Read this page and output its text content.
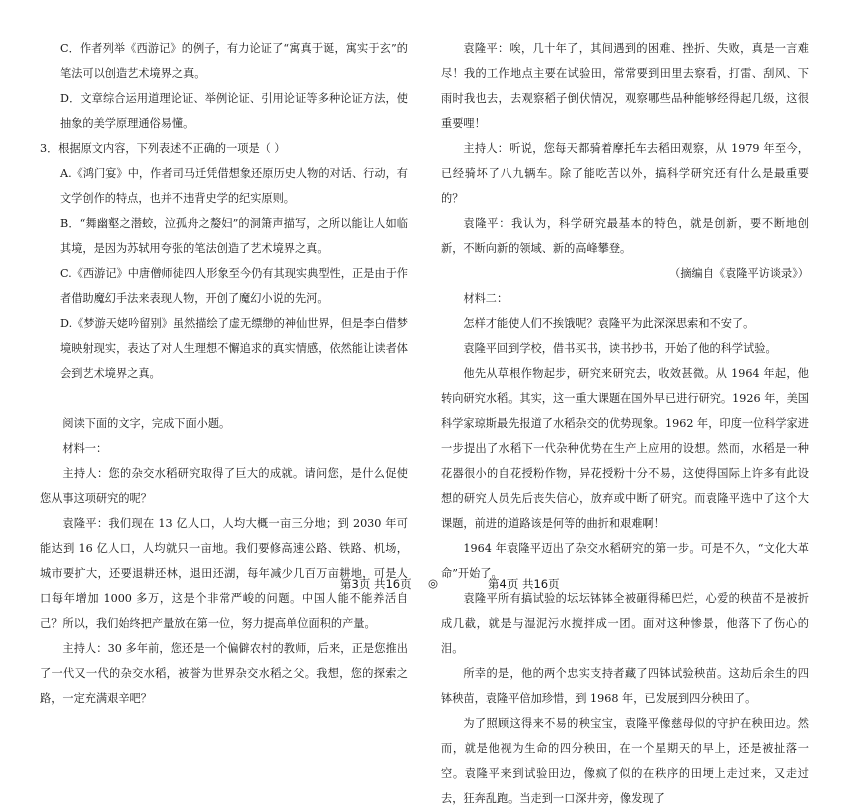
C．作者列举《西游记》的例子，有力论证了“寓真于诞，寓实于玄”的笔法可以创造艺术境界之真。

D．文章综合运用道理论证、举例论证、引用论证等多种论证方法，使抽象的美学原理通俗易懂。

3．根据原文内容，下列表述不正确的一项是（ ）

A.《鸿门宴》中，作者司马迁凭借想象还原历史人物的对话、行动，有文学创作的特点，也并不违背史学的纪实原则。

B．“舞幽壑之潜蛟，泣孤舟之嫠妇”的洞箫声描写，之所以能让人如临其境，是因为苏轼用夸张的笔法创造了艺术境界之真。

C.《西游记》中唐僧师徒四人形象至今仍有其现实典型性，正是由于作者借助魔幻手法来表现人物，开创了魔幻小说的先河。

D.《梦游天姥吟留别》虽然描绘了虚无缥缈的神仙世界，但是李白借梦境映射现实，表达了对人生理想不懈追求的真实情感，依然能让读者体会到艺术境界之真。

阅读下面的文字，完成下面小题。

材料一：

主持人：您的杂交水稻研究取得了巨大的成就。请问您，是什么促使您从事这项研究的呢？

袁隆平：我们现在 13 亿人口，人均大概一亩三分地；到 2030 年可能达到 16 亿人口，人均就只一亩地。我们要修高速公路、铁路、机场，城市要扩大，还要退耕还林，退田还湖，每年减少几百万亩耕地，可是人口每年增加 1000 多万，这是个非常严峻的问题。中国人能不能养活自己？所以，我们始终把产量放在第一位，努力提高单位面积的产量。

主持人：30 多年前，您还是一个偏僻农村的教师，后来，正是您推出了一代又一代的杂交水稻，被誉为世界杂交水稻之父。我想，您的探索之路，一定充满艰辛吧？

袁隆平：唉，几十年了，其间遇到的困难、挫折、失败，真是一言难尽！我的工作地点主要在试验田，常常要到田里去察看，打雷、刮风、下雨时我也去，去观察稻子倒伏情况，观察哪些品种能够经得起几级，这很重要哩！

主持人：听说，您每天都骑着摩托车去稻田观察，从 1979 年至今，已经骑坏了八九辆车。除了能吃苦以外，搞科学研究还有什么是最重要的？

袁隆平：我认为，科学研究最基本的特色，就是创新，要不断地创新，不断向新的领域、新的高峰攀登。

（摘编自《袁隆平访谈录》）

材料二：

怎样才能使人们不挨饿呢？袁隆平为此深深思索和不安了。

袁隆平回到学校，借书买书，读书抄书，开始了他的科学试验。

他先从草根作物起步，研究来研究去，收效甚微。从 1964 年起，他转向研究水稻。其实，这一重大课题在国外早已进行研究。1926 年，美国科学家琼斯最先报道了水稻杂交的优势现象。1962 年，印度一位科学家进一步提出了水稻下一代杂种优势在生产上应用的设想。然而，水稻是一种花器很小的自花授粉作物，异花授粉十分不易，这使得国际上许多有此设想的研究人员先后丧失信心，放弃或中断了研究。而袁隆平选中了这个大课题，前进的道路该是何等的曲折和艰难啊！

1964 年袁隆平迈出了杂交水稻研究的第一步。可是不久，“文化大革命”开始了。

袁隆平所有搞试验的坛坛钵钵全被砸得稀巴烂，心爱的秧苗不是被折成几截，就是与湿泥污水搅拌成一团。面对这种惨景，他落下了伤心的泪。

所幸的是，他的两个忠实支持者藏了四钵试验秧苗。这劫后余生的四钵秧苗，袁隆平倍加珍惜，到 1968 年，已发展到四分秧田了。

为了照顾这得来不易的秧宝宝，袁隆平像慈母似的守护在秧田边。然而，就是他视为生命的四分秧田，在一个星期天的早上，还是被扯落一空。袁隆平来到试验田边，像疯了似的在秩序的田埂上走过来，又走过去，狂奔乱跑。当走到一口深井旁，像发现了

第3页 共16页 ◎	第4页 共16页
